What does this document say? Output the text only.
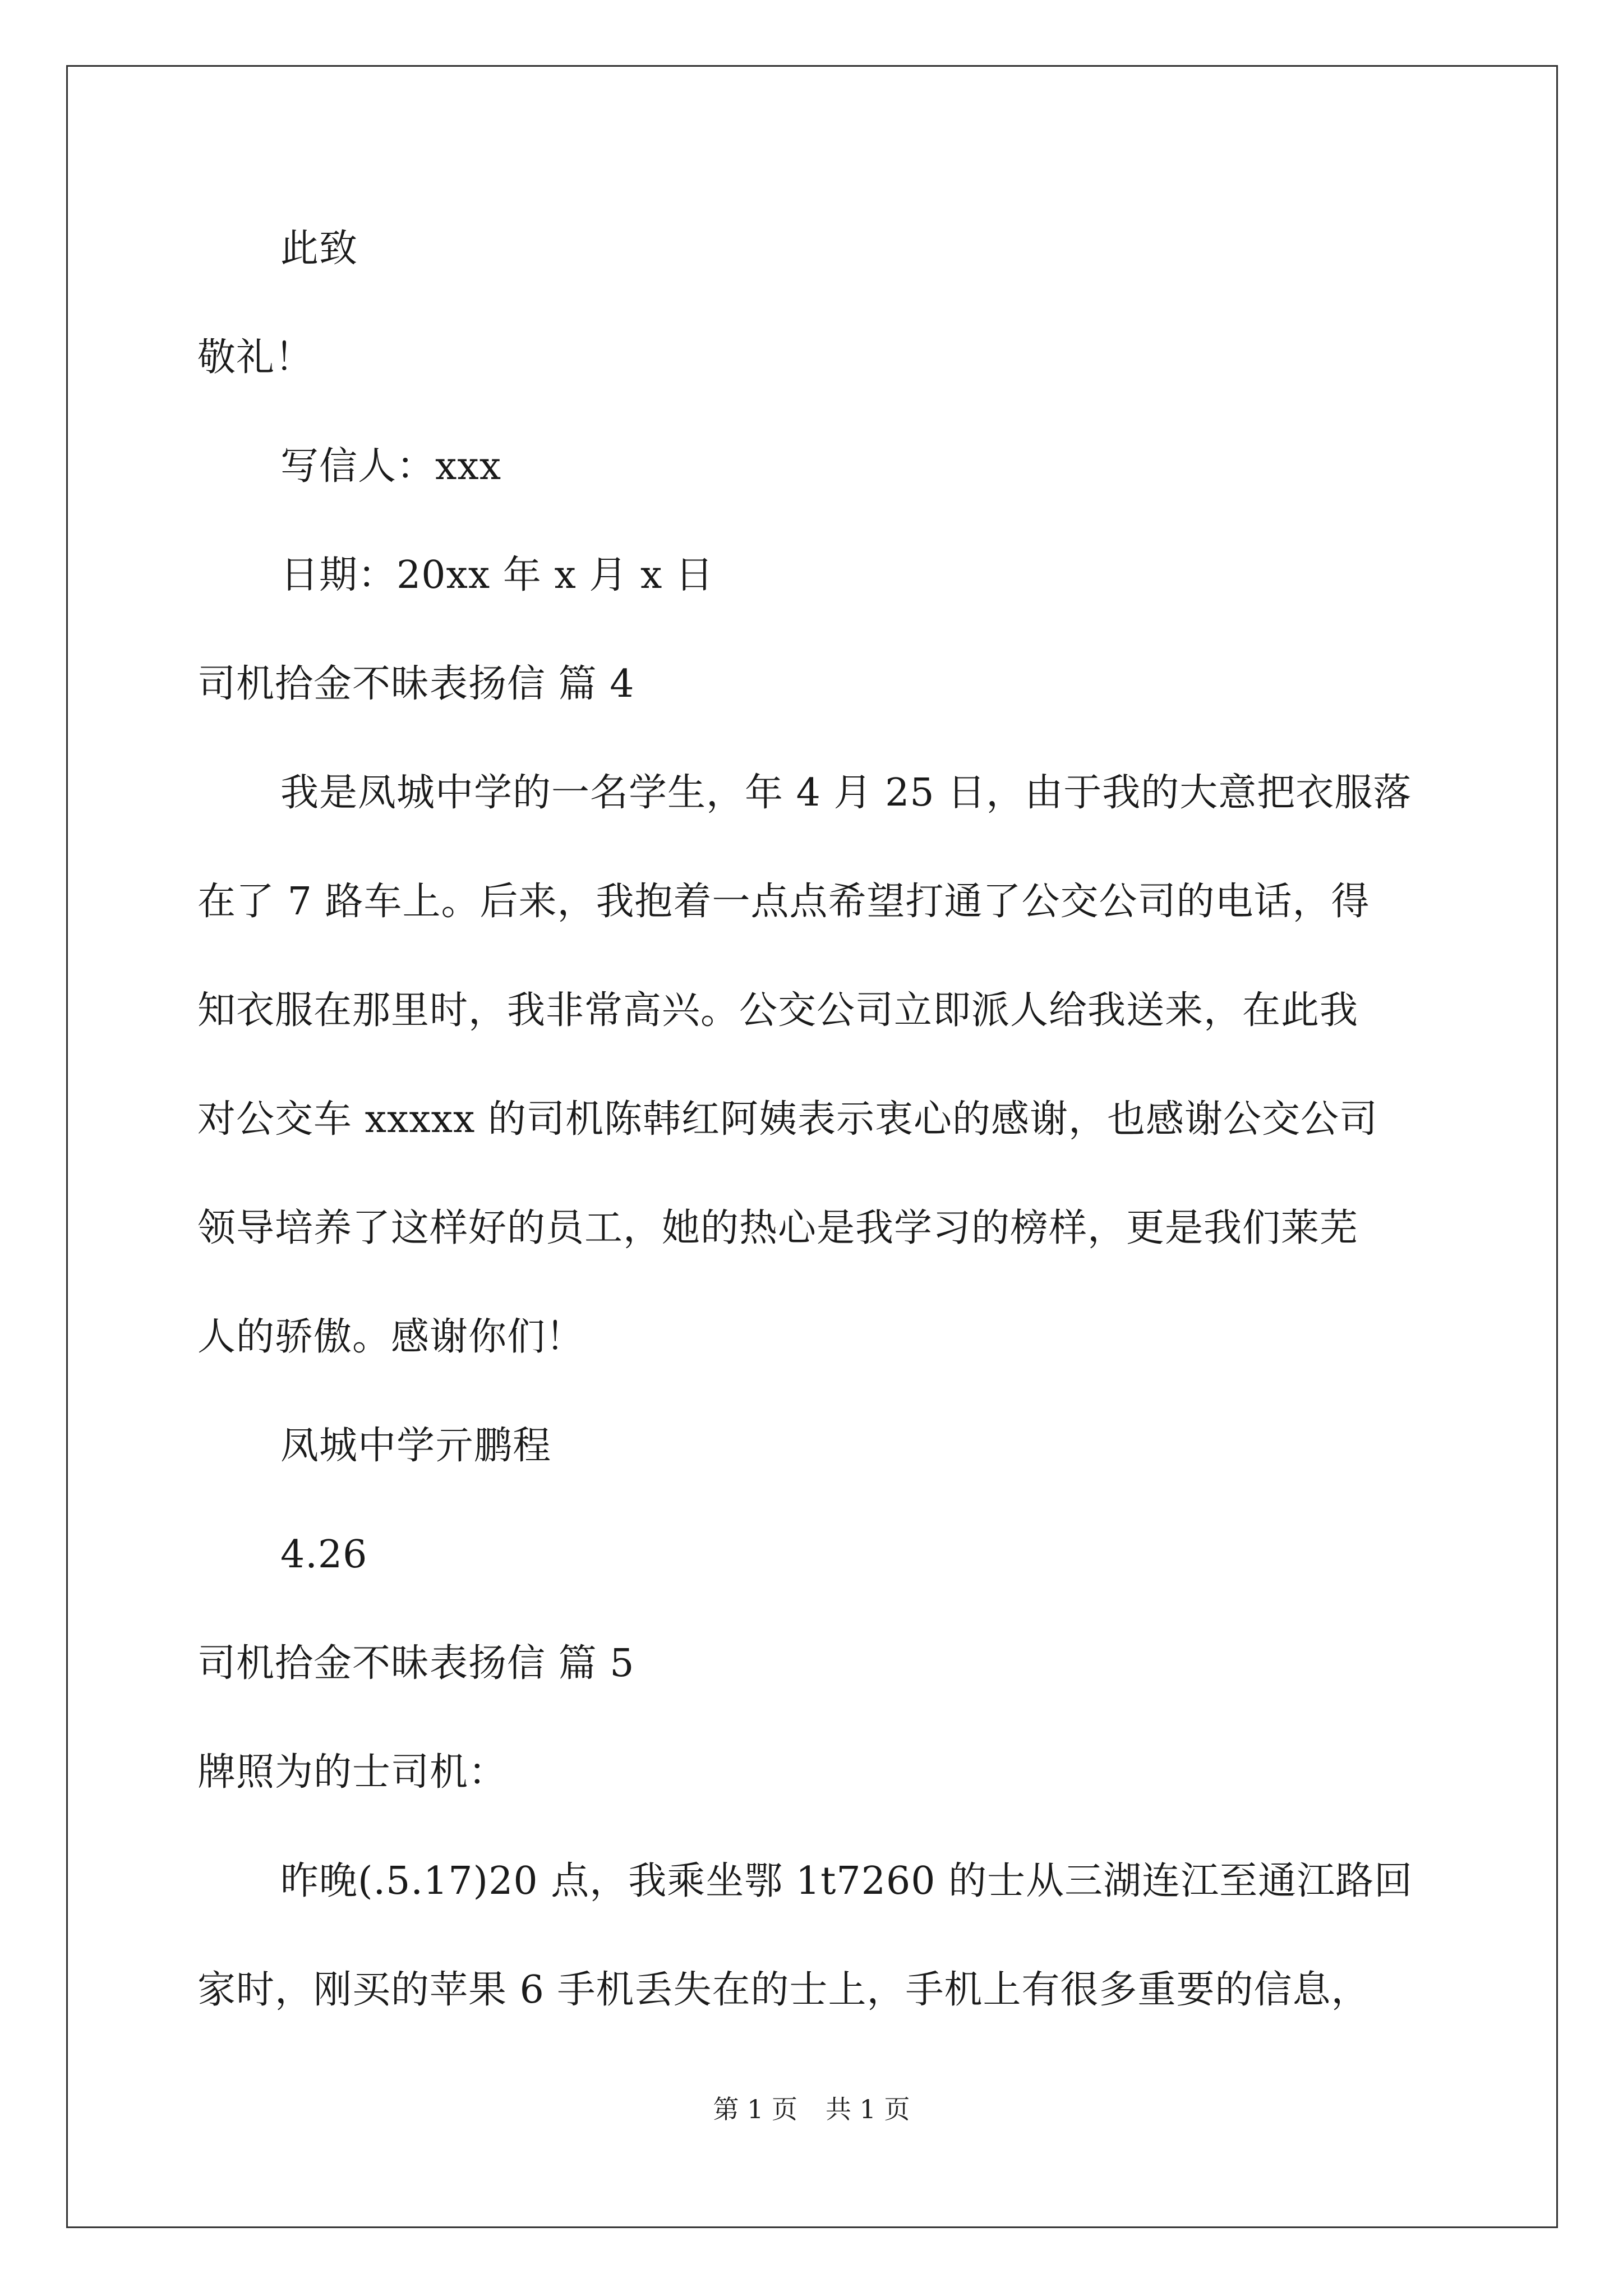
此致
敬礼！
写信人：xxx
日期：20xx 年 x 月 x 日
司机拾金不昧表扬信 篇 4
我是凤城中学的一名学生，年 4 月 25 日，由于我的大意把衣服落
在了 7 路车上。后来，我抱着一点点希望打通了公交公司的电话，得
知衣服在那里时，我非常高兴。公交公司立即派人给我送来，在此我
对公交车 xxxxx 的司机陈韩红阿姨表示衷心的感谢，也感谢公交公司
领导培养了这样好的员工，她的热心是我学习的榜样，更是我们莱芜
人的骄傲。感谢你们！
凤城中学亓鹏程
4.26
司机拾金不昧表扬信 篇 5
牌照为的士司机：
昨晚(.5.17)20 点，我乘坐鄂 1t7260 的士从三湖连江至通江路回
家时，刚买的苹果 6 手机丢失在的士上，手机上有很多重要的信息，
第 1 页 共 1 页
